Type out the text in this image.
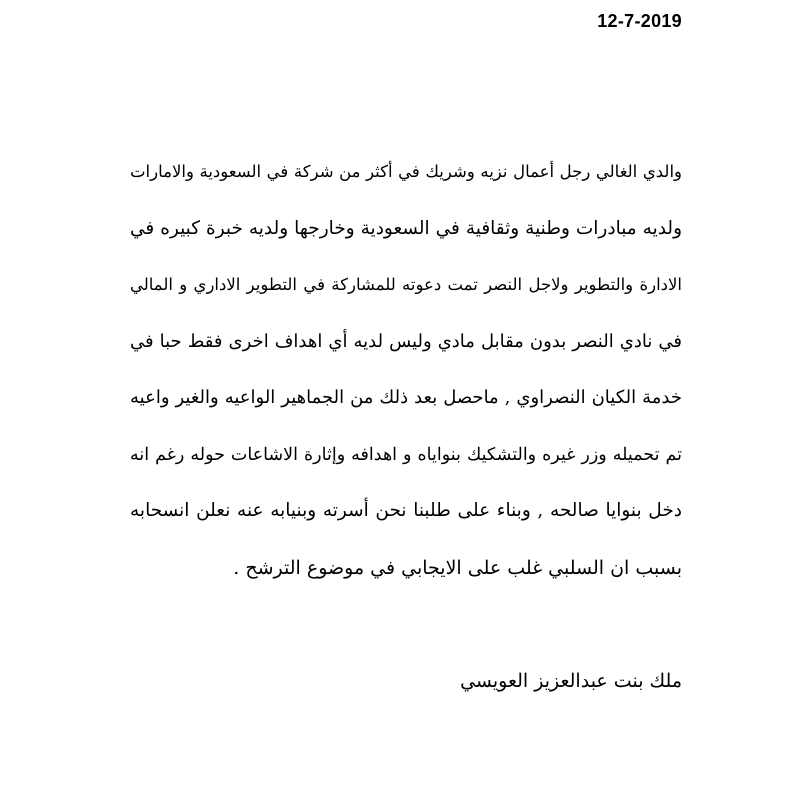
12-7-2019
والدي الغالي رجل أعمال نزيه وشريك في أكثر من شركة في السعودية والامارات
ولديه مبادرات وطنية وثقافية في السعودية وخارجها ولديه خبرة كبيره في
الادارة والتطوير ولاجل النصر تمت دعوته للمشاركة في التطوير الاداري و المالي
في نادي النصر بدون مقابل مادي وليس لديه أي اهداف اخرى فقط حبا في
خدمة الكيان النصراوي , ماحصل بعد ذلك من الجماهير الواعيه والغير واعيه
تم تحميله وزر غيره والتشكيك بنواياه و اهدافه وإثارة الاشاعات حوله رغم انه
دخل بنوايا صالحه , وبناء على طلبنا نحن أسرته وبنيابه عنه نعلن انسحابه
بسبب ان السلبي غلب على الايجابي في موضوع الترشح .
ملك بنت عبدالعزيز العويسي
